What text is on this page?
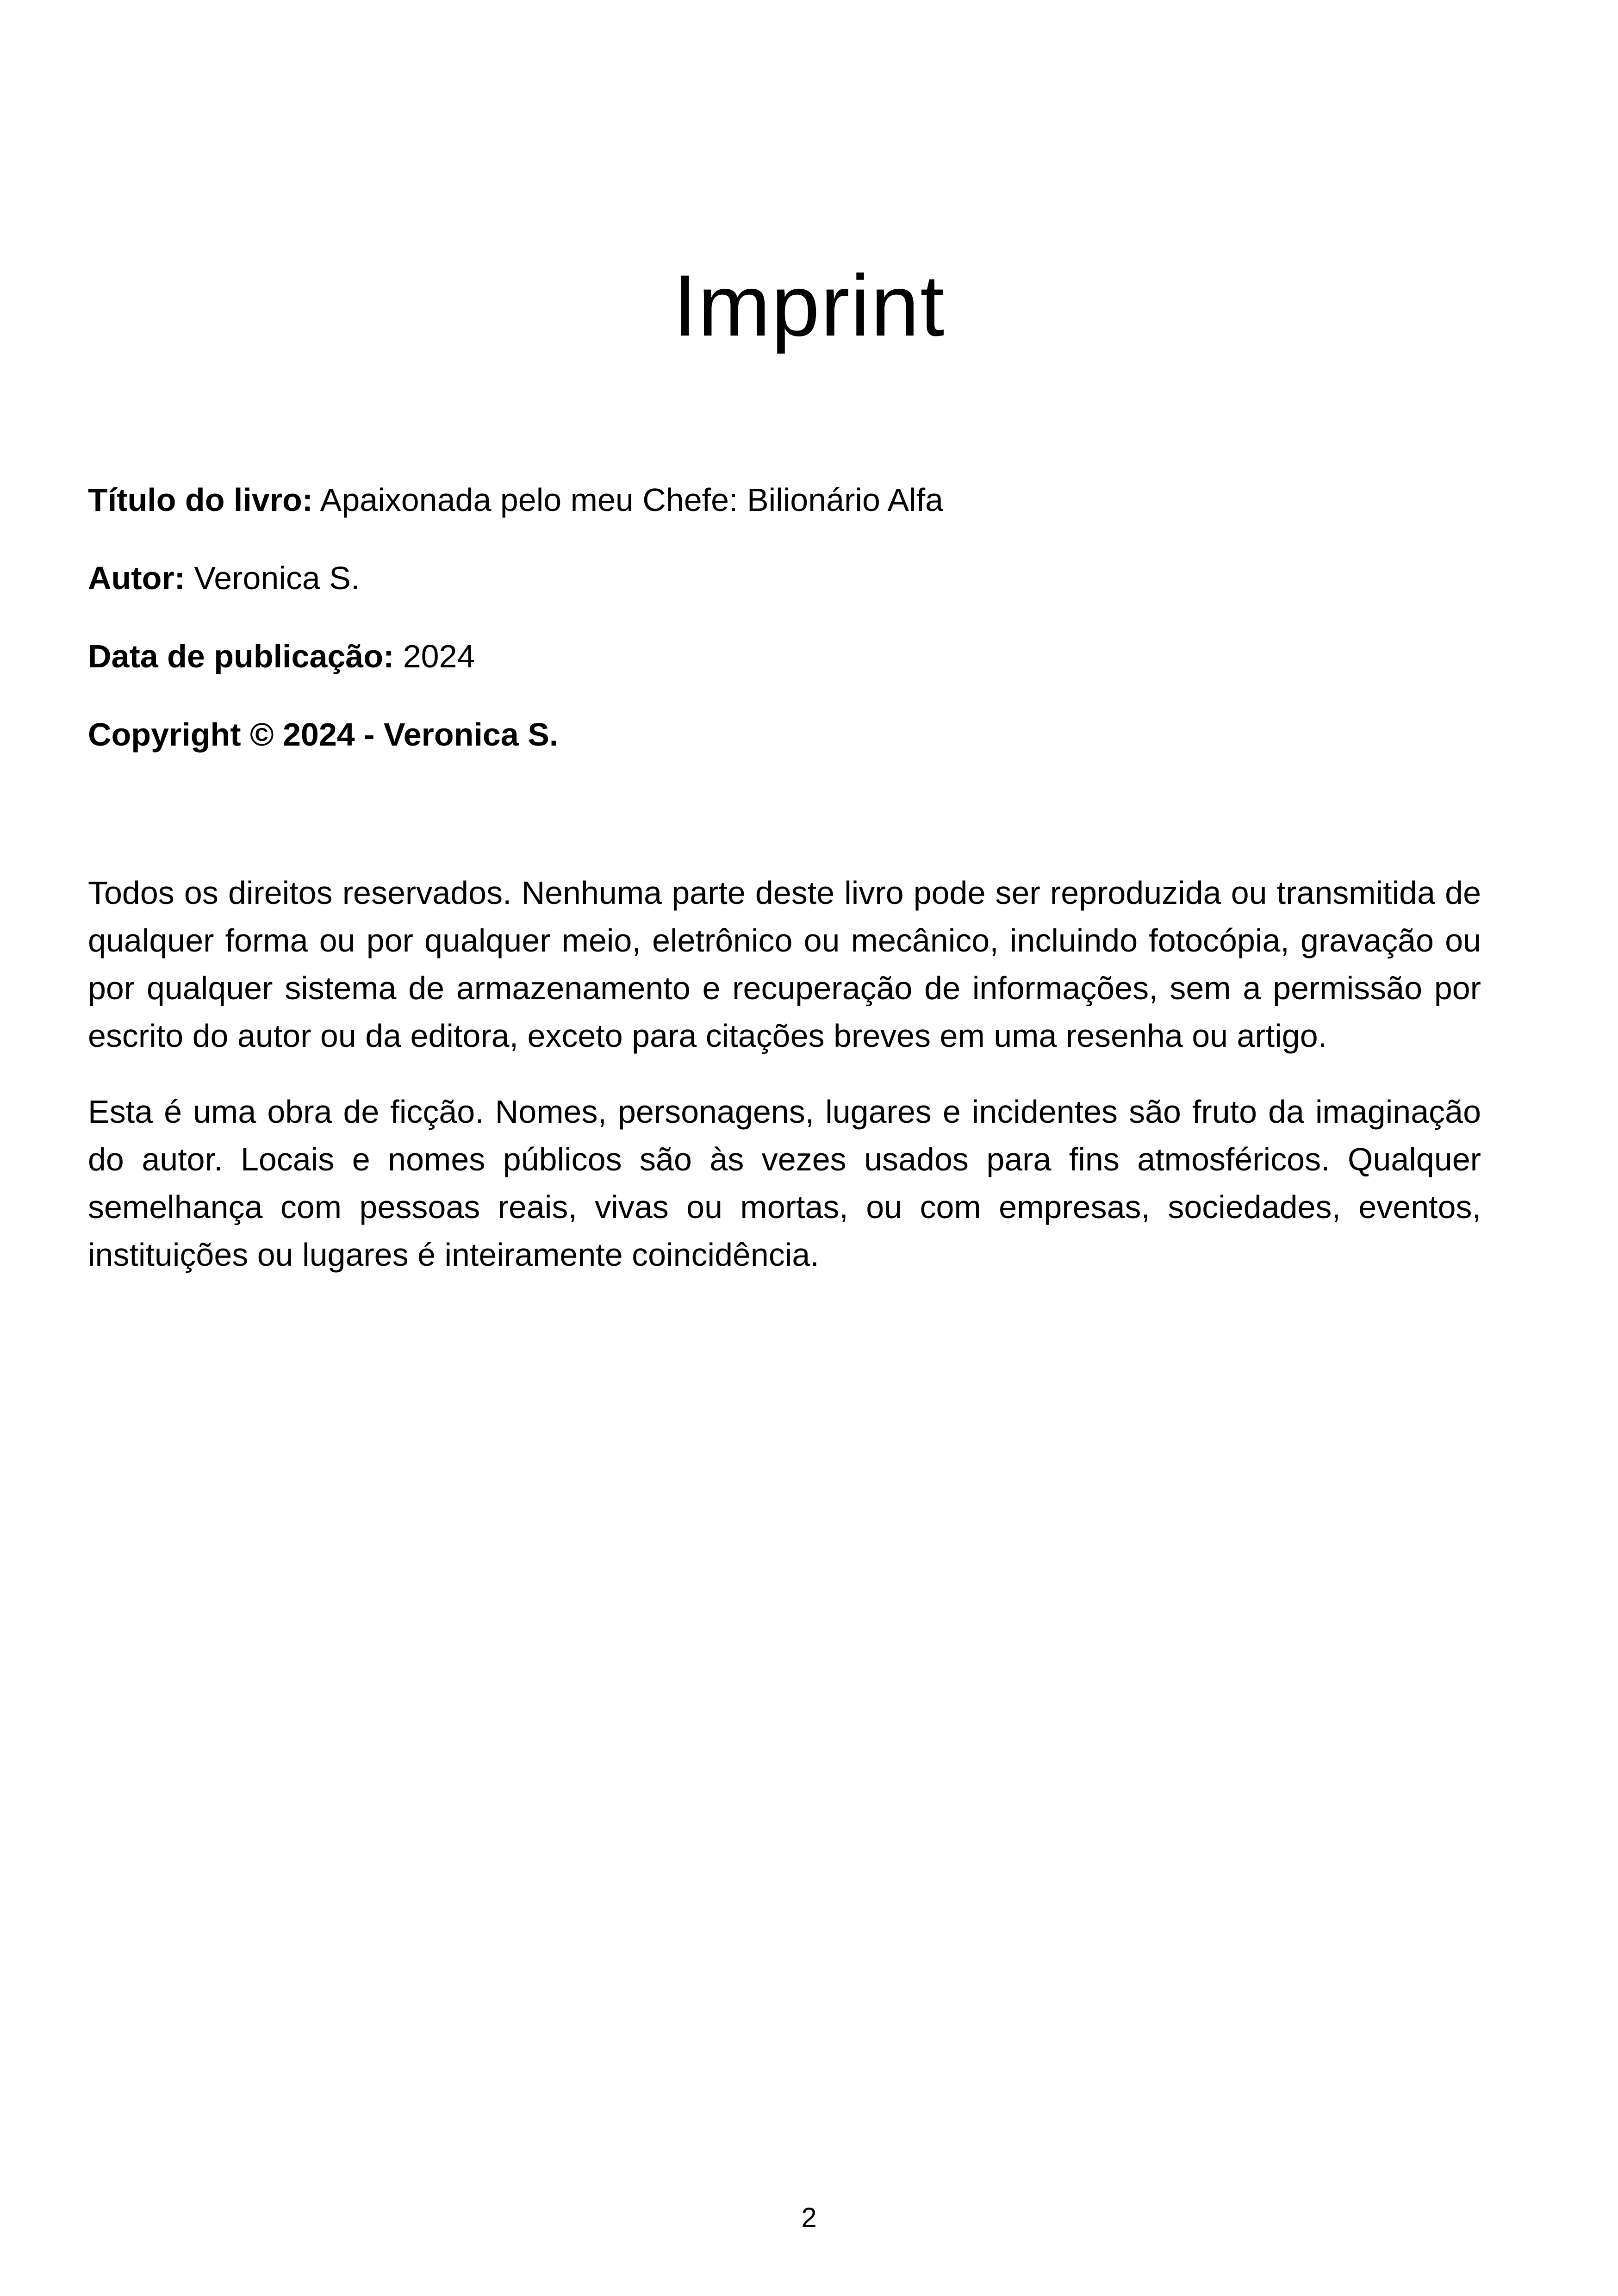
Imprint

Título do livro: Apaixonada pelo meu Chefe: Bilionário Alfa

Autor: Veronica S.

Data de publicação: 2024

Copyright © 2024 - Veronica S.

Todos os direitos reservados. Nenhuma parte deste livro pode ser reproduzida ou transmitida de qualquer forma ou por qualquer meio, eletrônico ou mecânico, incluindo fotocópia, gravação ou por qualquer sistema de armazenamento e recuperação de informações, sem a permissão por escrito do autor ou da editora, exceto para citações breves em uma resenha ou artigo.

Esta é uma obra de ficção. Nomes, personagens, lugares e incidentes são fruto da imaginação do autor. Locais e nomes públicos são às vezes usados para fins atmosféricos. Qualquer semelhança com pessoas reais, vivas ou mortas, ou com empresas, sociedades, eventos, instituições ou lugares é inteiramente coincidência.

2
